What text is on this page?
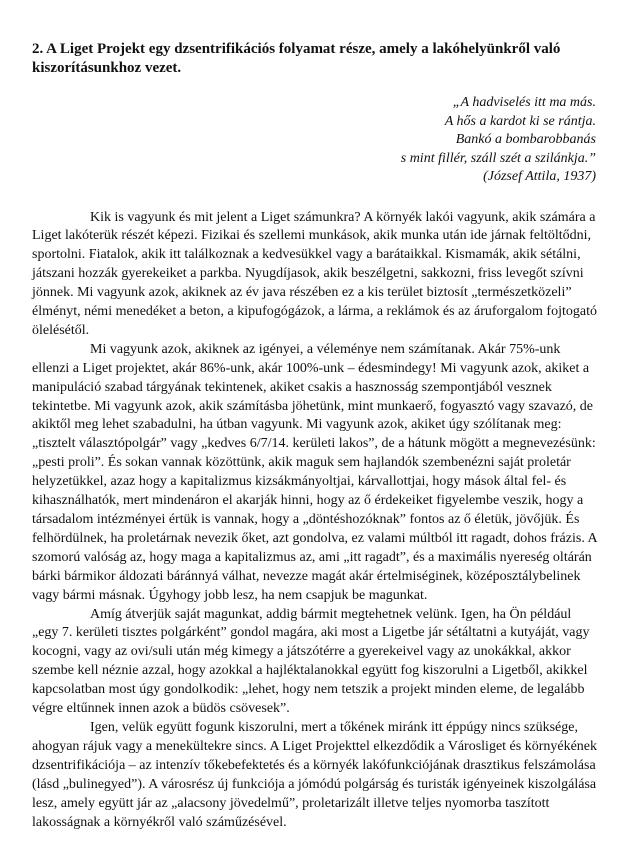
2. A Liget Projekt egy dzsentrifikációs folyamat része, amely a lakóhelyünkről való kiszorításunkhoz vezet.
„A hadviselés itt ma más.
A hős a kardot ki se rántja.
Bankó a bombarobbanás
s mint fillér, száll szét a szilánkja.”
(József Attila, 1937)

Kik is vagyunk és mit jelent a Liget számunkra? A környék lakói vagyunk, akik számára a Liget lakóterük részét képezi. Fizikai és szellemi munkások, akik munka után ide járnak feltöltődni, sportolni. Fiatalok, akik itt találkoznak a kedvesükkel vagy a barátaikkal. Kismamák, akik sétálni, játszani hozzák gyerekeiket a parkba. Nyugdíjasok, akik beszélgetni, sakkozni, friss levegőt szívni jönnek. Mi vagyunk azok, akiknek az év java részében ez a kis terület biztosít „természetközeli” élményt, némi menedéket a beton, a kipufogógázok, a lárma, a reklámok és az áruforgalom fojtogató ölelésétől.

Mi vagyunk azok, akiknek az igényei, a véleménye nem számítanak. Akár 75%-unk ellenzi a Liget projektet, akár 86%-unk, akár 100%-unk – édesmindegy! Mi vagyunk azok, akiket a manipuláció szabad tárgyának tekintenek, akiket csakis a hasznosság szempontjából vesznek tekintetbe. Mi vagyunk azok, akik számításba jöhetünk, mint munkaerő, fogyasztó vagy szavazó, de akiktől meg lehet szabadulni, ha útban vagyunk. Mi vagyunk azok, akiket úgy szólítanak meg: „tisztelt választópolgár” vagy „kedves 6/7/14. kerületi lakos”, de a hátunk mögött a megnevezésünk: „pesti proli”. És sokan vannak közöttünk, akik maguk sem hajlandók szembenézni saját proletár helyzetükkel, azaz hogy a kapitalizmus kizsákmányoltjai, kárvallottjai, hogy mások által fel- és kihasználhatók, mert mindenáron el akarják hinni, hogy az ő érdekeiket figyelembe veszik, hogy a társadalom intézményei értük is vannak, hogy a „döntéshozóknak” fontos az ő életük, jövőjük. És felhördülnek, ha proletárnak nevezik őket, azt gondolva, ez valami múltból itt ragadt, dohos frázis. A szomorú valóság az, hogy maga a kapitalizmus az, ami „itt ragadt”, és a maximális nyereség oltárán bárki bármikor áldozati báránnyá válhat, nevezze magát akár értelmiséginek, középosztálybelinek vagy bármi másnak. Úgyhogy jobb lesz, ha nem csapjuk be magunkat.

Amíg átverjük saját magunkat, addig bármit megtehetnek velünk. Igen, ha Ön például „egy 7. kerületi tisztes polgárként” gondol magára, aki most a Ligetbe jár sétáltatni a kutyáját, vagy kocogni, vagy az ovi/suli után még kimegy a játszótérre a gyerekeivel vagy az unokákkal, akkor szembe kell néznie azzal, hogy azokkal a hajléktalanokkal együtt fog kiszorulni a Ligetből, akikkel kapcsolatban most úgy gondolkodik: „lehet, hogy nem tetszik a projekt minden eleme, de legalább végre eltűnnek innen azok a büdös csövesek”.

Igen, velük együtt fogunk kiszorulni, mert a tőkének miránk itt éppúgy nincs szüksége, ahogyan rájuk vagy a menekültekre sincs. A Liget Projekttel elkezdődik a Városliget és környékének dzsentrifikációja – az intenzív tőkebefektetés és a környék lakófunkciójának drasztikus felszámolása (lásd „bulinegyed”). A városrész új funkciója a jómódú polgárság és turisták igényeinek kiszolgálása lesz, amely együtt jár az „alacsony jövedelmű”, proletarizált illetve teljes nyomorba taszított lakosságnak a környékről való száműzésével.
